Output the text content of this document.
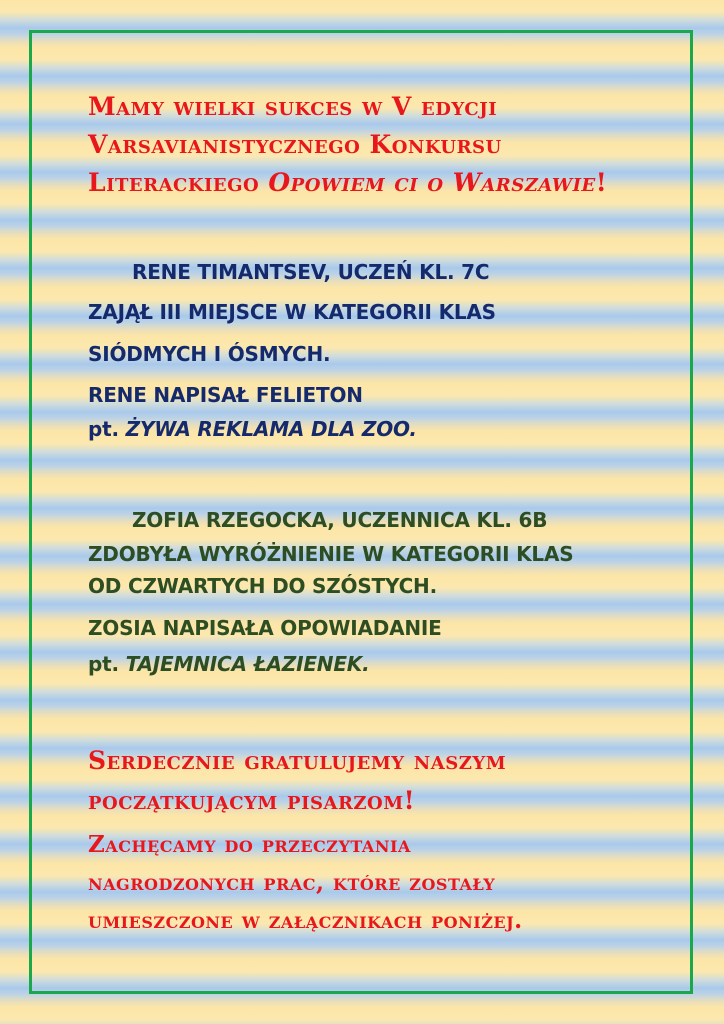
Mamy wielki sukces w V edycji
Varsavianistycznego Konkursu
Literackiego Opowiem ci o Warszawie!
RENE TIMANTSEV, UCZEŃ KL. 7C
ZAJĄŁ III MIEJSCE W KATEGORII KLAS
SIÓDMYCH I ÓSMYCH.
RENE NAPISAŁ FELIETON
pt. ŻYWA REKLAMA DLA ZOO.
ZOFIA RZEGOCKA, UCZENNICA KL. 6B
ZDOBYŁA WYRÓŻNIENIE W KATEGORII KLAS
OD CZWARTYCH DO SZÓSTYCH.
ZOSIA NAPISAŁA OPOWIADANIE
pt. TAJEMNICA ŁAZIENEK.
Serdecznie gratulujemy naszym
początkującym pisarzom!
Zachęcamy do przeczytania
nagrodzonych prac, które zostały
umieszczone w załącznikach poniżej.
